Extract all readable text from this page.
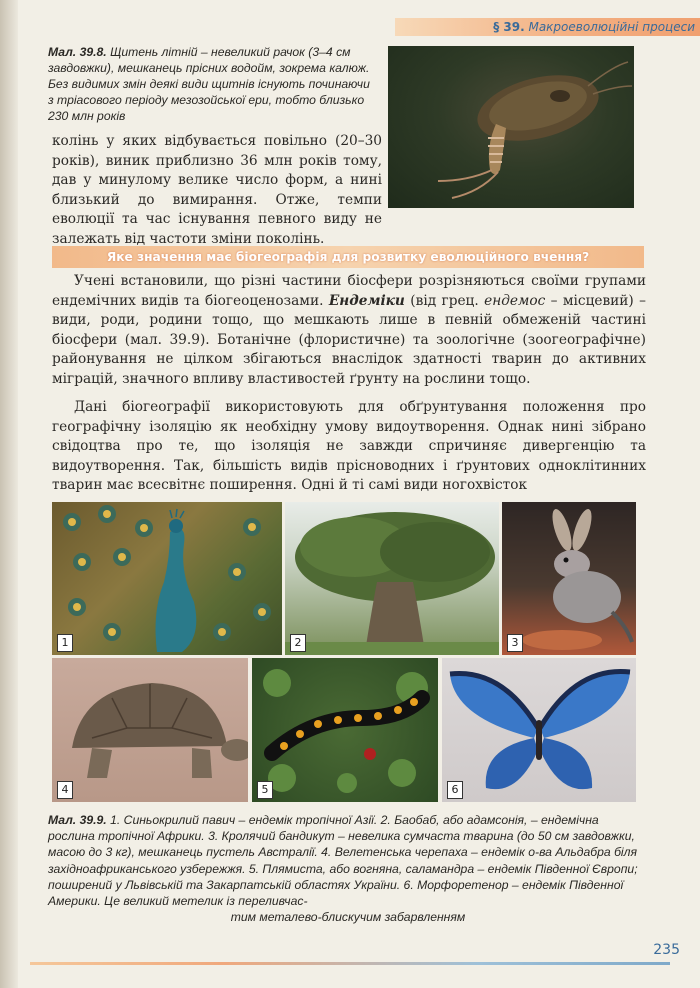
§ 39. Макроеволюційні процеси
Мал. 39.8. Щитень літній – невеликий рачок (3–4 см завдовжки), мешканець прісних водойм, зокрема калюж. Без видимих змін деякі види щитнів існують починаючи з тріасового періоду мезозойської ери, тобто близько 230 млн років
колінь у яких відбувається повільно (20–30 років), виник приблизно 36 млн років тому, дав у минулому велике число форм, а нині близький до вимирання. Отже, темпи еволюції та час існування певного виду не залежать від частоти зміни поколінь.
Яке значення має біогеографія для розвитку еволюційного вчення?

Учені встановили, що різні частини біосфери розрізняються своїми групами ендемічних видів та біогеоценозами. Ендеміки (від грец. ендемос – місцевий) – види, роди, родини тощо, що мешкають лише в певній обмеженій частині біосфери (мал. 39.9). Ботанічне (флористичне) та зоологічне (зоогеографічне) районування не цілком збігаються внаслідок здатності тварин до активних міграцій, значного впливу властивостей ґрунту на рослини тощо.

Дані біогеографії використовують для обґрунтування положення про географічну ізоляцію як необхідну умову видоутворення. Однак нині зібрано свідоцтва про те, що ізоляція не завжди спричиняє дивергенцію та видоутворення. Так, більшість видів прісноводних і ґрунтових одноклітинних тварин має всесвітнє поширення. Одні й ті самі види ногохвісток

1	2	3
4	5	6
Мал. 39.9. 1. Синьокрилий павич – ендемік тропічної Азії. 2. Баобаб, або адамсонія, – ендемічна рослина тропічної Африки. 3. Кролячий бандикут – невелика сумчаста тварина (до 50 см завдовжки, масою до 3 кг), мешканець пустель Австралії. 4. Велетенська черепаха – ендемік о-ва Альдабра біля західноафриканського узбережжя. 5. Плямиста, або вогняна, саламандра – ендемік Південної Європи; поширений у Львівській та Закарпатській областях України. 6. Морфоретенор – ендемік Південної Америки. Це великий метелик із переливчас-
тим металево-блискучим забарвленням
235
